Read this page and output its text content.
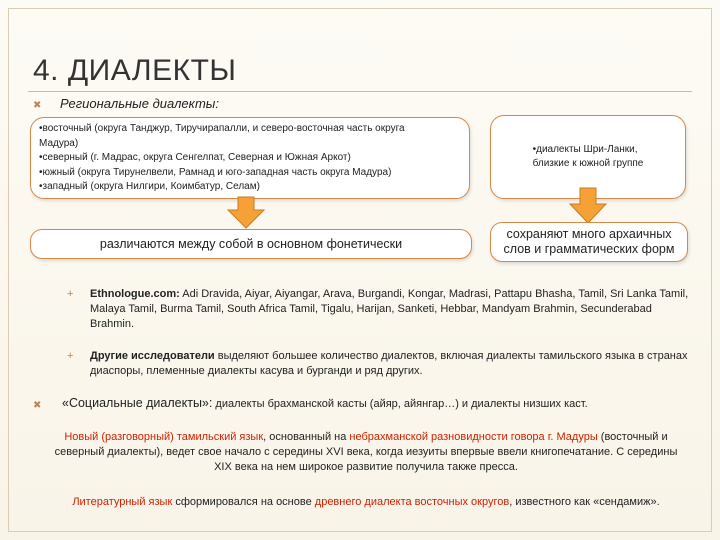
4. ДИАЛЕКТЫ
✖ Региональные диалекты:
•восточный (округа Танджур, Тиручирапалли, и северо-восточная часть округа
Мадура)
•северный (г. Мадрас, округа Сенгелпат, Северная и Южная Аркот)
•южный (округа Тирунелвели, Рамнад и юго-западная часть округа Мадура)
•западный (округа Нилгири, Коимбатур, Селам)
•диалекты Шри-Ланки,
близкие к южной группе
различаются между собой в основном фонетически
сохраняют много архаичных
слов и грамматических форм
+ Ethnologue.com: Adi Dravida, Aiyar, Aiyangar, Arava, Burgandi, Kongar, Madrasi, Pattapu Bhasha, Tamil, Sri Lanka Tamil, Malaya Tamil, Burma Tamil, South Africa Tamil, Tigalu, Harijan, Sanketi, Hebbar, Mandyam Brahmin, Secunderabad Brahmin.
+ Другие исследователи выделяют большее количество диалектов, включая диалекты тамильского языка в странах диаспоры, племенные диалекты касува и бурганди и ряд других.
✖ «Социальные диалекты»: диалекты брахманской касты (айяр, айянгар…) и диалекты низших каст.
Новый (разговорный) тамильский язык, основанный на небрахманской разновидности говора г. Мадуры (восточный и северный диалекты), ведет свое начало с середины XVI века, когда иезуиты впервые ввели книгопечатание. С середины XIX века на нем широкое развитие получила также пресса.
Литературный язык сформировался на основе древнего диалекта восточных округов, известного как «сендамиж».
